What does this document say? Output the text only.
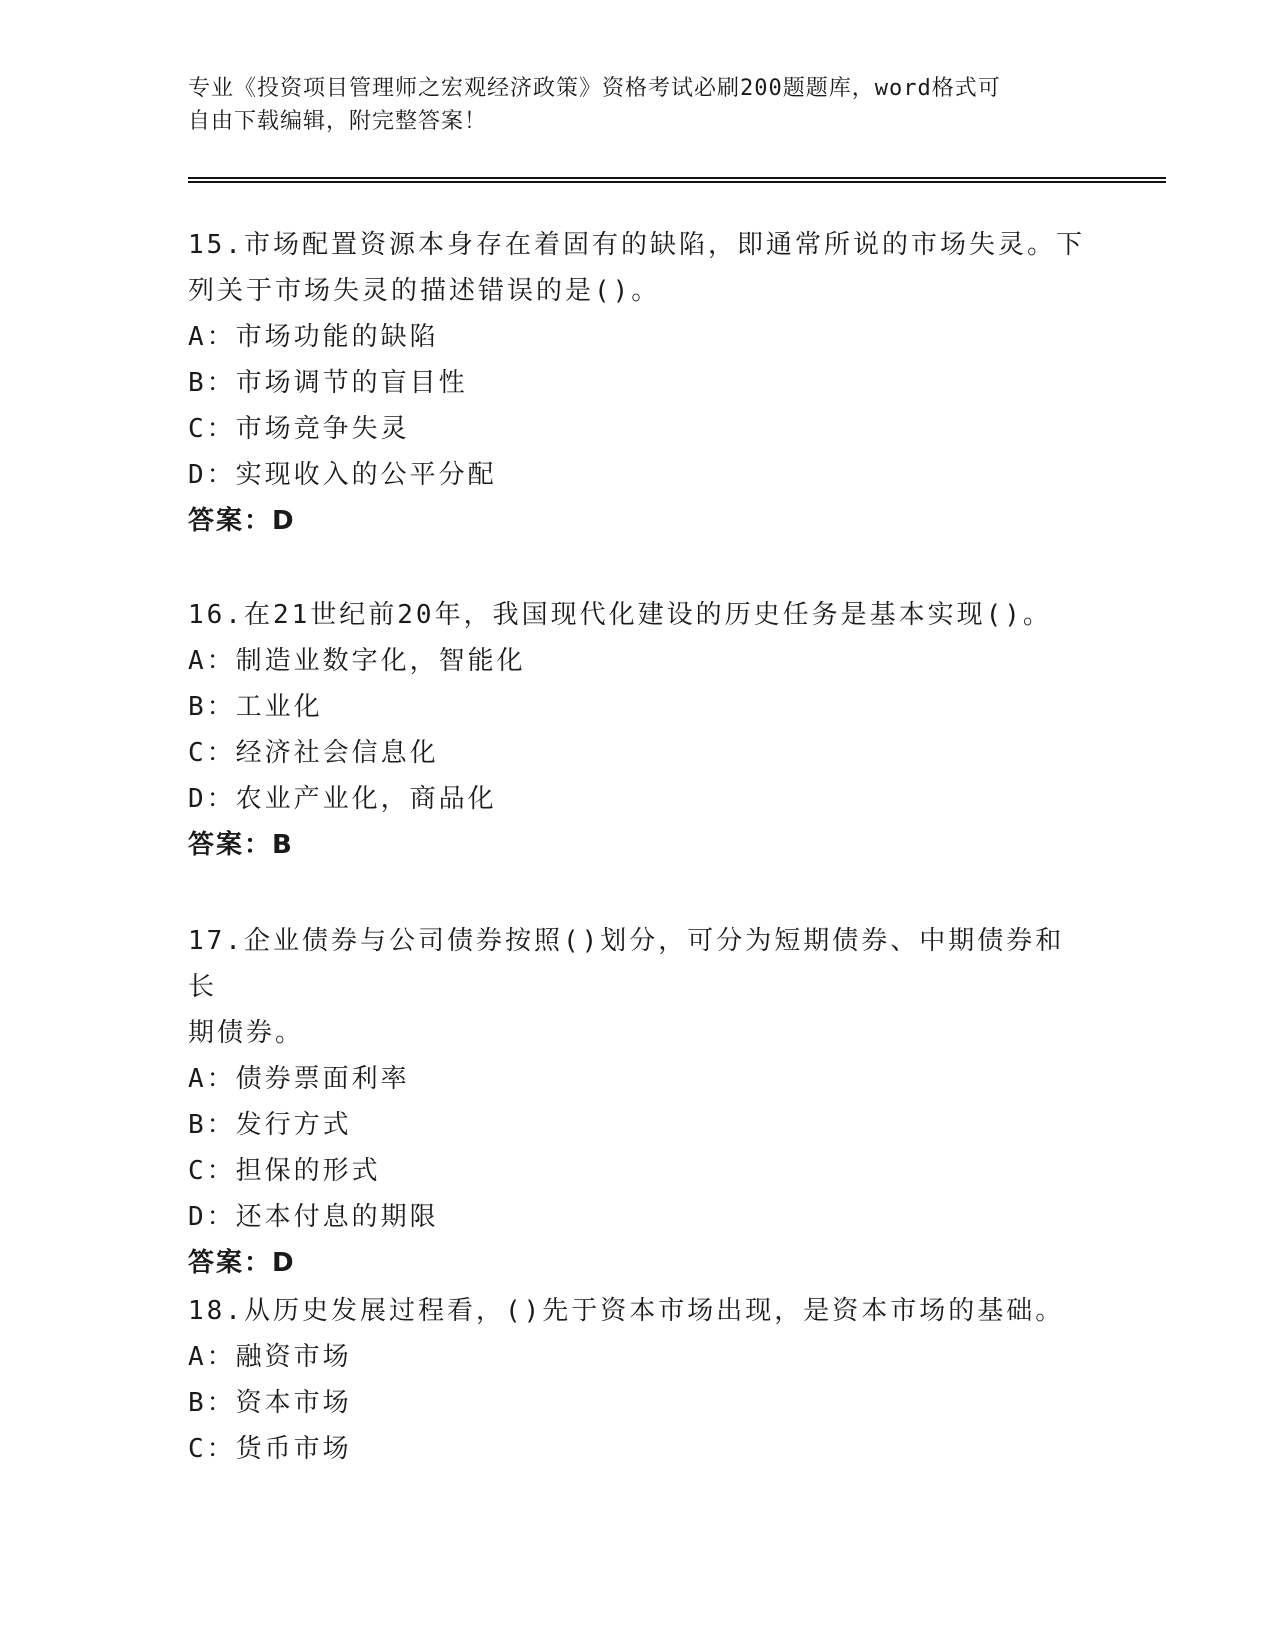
专业《投资项目管理师之宏观经济政策》资格考试必刷200题题库，word格式可
自由下载编辑，附完整答案！

15.市场配置资源本身存在着固有的缺陷，即通常所说的市场失灵。下

列关于市场失灵的描述错误的是()。

A：市场功能的缺陷

B：市场调节的盲目性

C：市场竞争失灵

D：实现收入的公平分配

答案：D

16.在21世纪前20年，我国现代化建设的历史任务是基本实现()。

A：制造业数字化，智能化

B：工业化

C：经济社会信息化

D：农业产业化，商品化

答案：B

17.企业债券与公司债券按照()划分，可分为短期债券、中期债券和长

期债券。

A：债券票面利率

B：发行方式

C：担保的形式

D：还本付息的期限

答案：D

18.从历史发展过程看，()先于资本市场出现，是资本市场的基础。

A：融资市场

B：资本市场

C：货币市场
